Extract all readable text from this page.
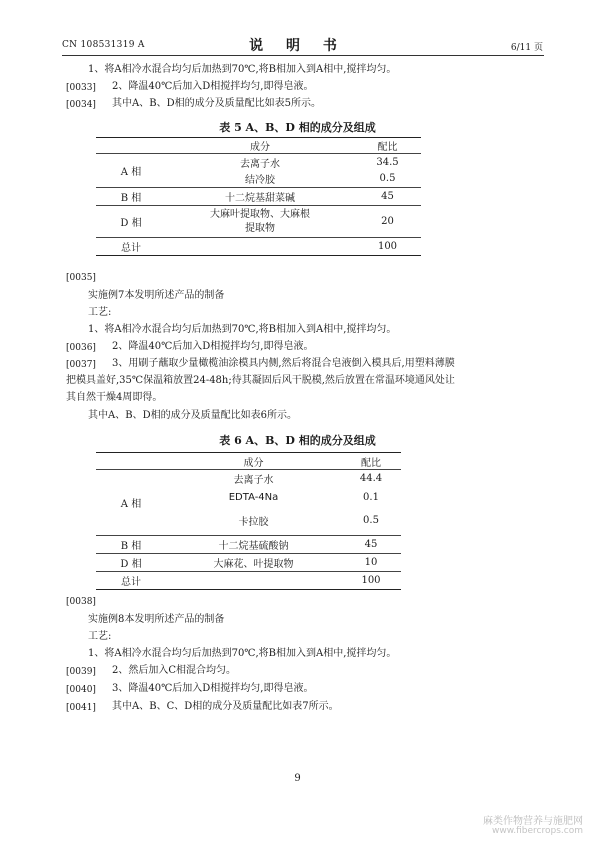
CN 108531319 A	说 明 书	6/11 页
1、将A相冷水混合均匀后加热到70℃,将B相加入到A相中,搅拌均匀。
[0033] 2、降温40℃后加入D相搅拌均匀,即得皂液。
[0034] 其中A、B、D相的成分及质量配比如表5所示。
表 5 A、B、D 相的成分及组成
	成分	配比
A 相	去离子水	34.5
	结冷胶	0.5
B 相	十二烷基甜菜碱	45
D 相	大麻叶提取物、大麻根
提取物	20
总计		100
[0035]
实施例7本发明所述产品的制备
工艺:
1、将A相冷水混合均匀后加热到70℃,将B相加入到A相中,搅拌均匀。
[0036] 2、降温40℃后加入D相搅拌均匀,即得皂液。
[0037] 3、用刷子蘸取少量橄榄油涂模具内侧,然后将混合皂液倒入模具后,用塑料薄膜
把模具盖好,35℃保温箱放置24-48h;待其凝固后风干脱模,然后放置在常温环境通风处让
其自然干燥4周即得。
其中A、B、D相的成分及质量配比如表6所示。
表 6 A、B、D 相的成分及组成
	成分	配比
A 相	去离子水	44.4
	EDTA-4Na	0.1
	卡拉胶	0.5
B 相	十二烷基硫酸钠	45
D 相	大麻花、叶提取物	10
总计		100
[0038]
实施例8本发明所述产品的制备
工艺:
1、将A相冷水混合均匀后加热到70℃,将B相加入到A相中,搅拌均匀。
[0039] 2、然后加入C相混合均匀。
[0040] 3、降温40℃后加入D相搅拌均匀,即得皂液。
[0041] 其中A、B、C、D相的成分及质量配比如表7所示。
9
麻类作物营养与施肥网
www.fibercrops.com
